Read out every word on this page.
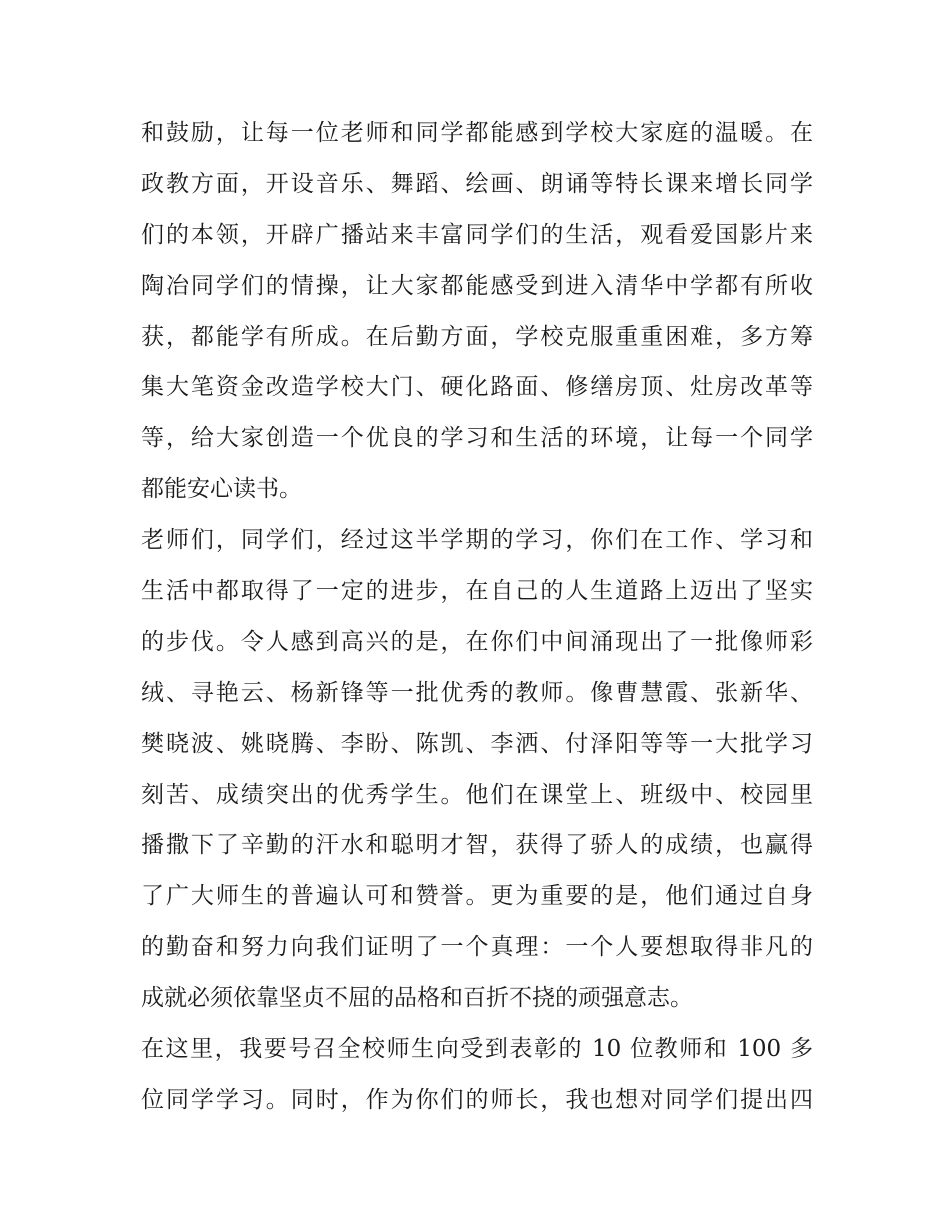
和鼓励，让每一位老师和同学都能感到学校大家庭的温暖。在
政教方面，开设音乐、舞蹈、绘画、朗诵等特长课来增长同学
们的本领，开辟广播站来丰富同学们的生活，观看爱国影片来
陶冶同学们的情操，让大家都能感受到进入清华中学都有所收
获，都能学有所成。在后勤方面，学校克服重重困难，多方筹
集大笔资金改造学校大门、硬化路面、修缮房顶、灶房改革等
等，给大家创造一个优良的学习和生活的环境，让每一个同学
都能安心读书。
老师们，同学们，经过这半学期的学习，你们在工作、学习和
生活中都取得了一定的进步，在自己的人生道路上迈出了坚实
的步伐。令人感到高兴的是，在你们中间涌现出了一批像师彩
绒、寻艳云、杨新锋等一批优秀的教师。像曹慧霞、张新华、
樊晓波、姚晓腾、李盼、陈凯、李洒、付泽阳等等一大批学习
刻苦、成绩突出的优秀学生。他们在课堂上、班级中、校园里
播撒下了辛勤的汗水和聪明才智，获得了骄人的成绩，也赢得
了广大师生的普遍认可和赞誉。更为重要的是，他们通过自身
的勤奋和努力向我们证明了一个真理：一个人要想取得非凡的
成就必须依靠坚贞不屈的品格和百折不挠的顽强意志。
在这里，我要号召全校师生向受到表彰的 10 位教师和 100 多
位同学学习。同时，作为你们的师长，我也想对同学们提出四
